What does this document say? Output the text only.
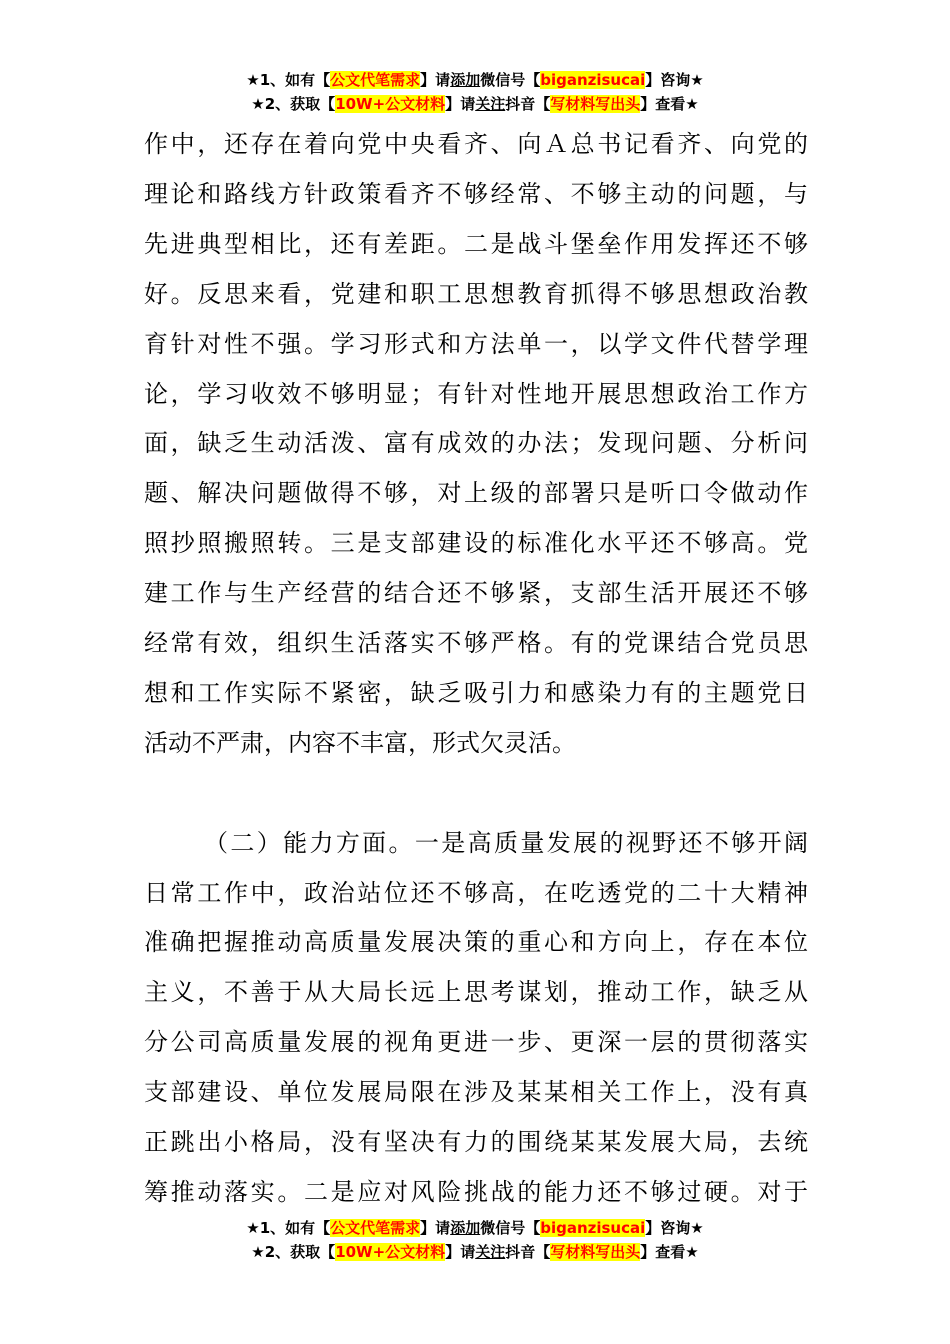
★1、如有【公文代笔需求】请添加微信号【biganzisucai】咨询★
★2、获取【10W+公文材料】请关注抖音【写材料写出头】查看★

作中，还存在着向党中央看齐、向Ａ总书记看齐、向党的

理论和路线方针政策看齐不够经常、不够主动的问题，与

先进典型相比，还有差距。二是战斗堡垒作用发挥还不够

好。反思来看，党建和职工思想教育抓得不够思想政治教

育针对性不强。学习形式和方法单一，以学文件代替学理

论，学习收效不够明显；有针对性地开展思想政治工作方

面，缺乏生动活泼、富有成效的办法；发现问题、分析问

题、解决问题做得不够，对上级的部署只是听口令做动作

照抄照搬照转。三是支部建设的标准化水平还不够高。党

建工作与生产经营的结合还不够紧，支部生活开展还不够

经常有效，组织生活落实不够严格。有的党课结合党员思

想和工作实际不紧密，缺乏吸引力和感染力有的主题党日

活动不严肃，内容不丰富，形式欠灵活。

（二）能力方面。一是高质量发展的视野还不够开阔

日常工作中，政治站位还不够高，在吃透党的二十大精神

准确把握推动高质量发展决策的重心和方向上，存在本位

主义，不善于从大局长远上思考谋划，推动工作，缺乏从

分公司高质量发展的视角更进一步、更深一层的贯彻落实

支部建设、单位发展局限在涉及某某相关工作上，没有真

正跳出小格局，没有坚决有力的围绕某某发展大局，去统

筹推动落实。二是应对风险挑战的能力还不够过硬。对于

★1、如有【公文代笔需求】请添加微信号【biganzisucai】咨询★
★2、获取【10W+公文材料】请关注抖音【写材料写出头】查看★
